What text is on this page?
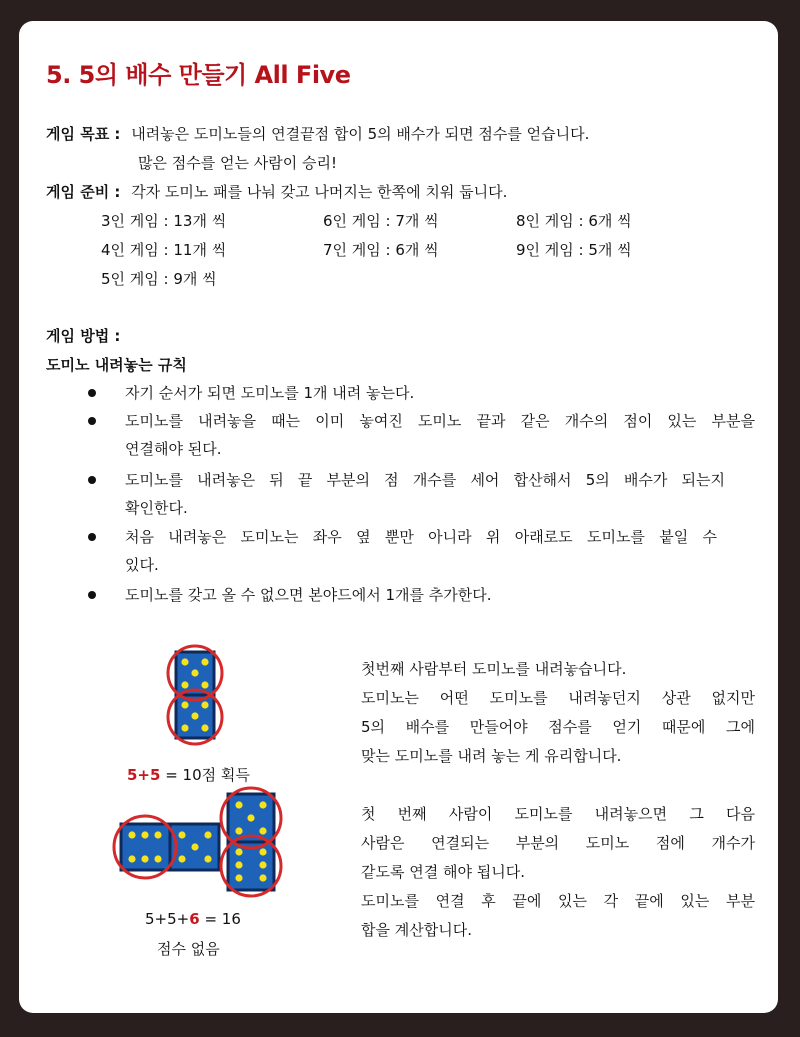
5. 5의 배수 만들기 All Five
게임 목표 : 내려놓은 도미노들의 연결끝점 합이 5의 배수가 되면 점수를 얻습니다.
많은 점수를 얻는 사람이 승리!
게임 준비 : 각자 도미노 패를 나눠 갖고 나머지는 한쪽에 치워 둡니다.
3인 게임 : 13개 씩	6인 게임 : 7개 씩	8인 게임 : 6개 씩
4인 게임 : 11개 씩	7인 게임 : 6개 씩	9인 게임 : 5개 씩
5인 게임 : 9개 씩
게임 방법 :
도미노 내려놓는 규칙
자기 순서가 되면 도미노를 1개 내려 놓는다.
도미노를 내려놓을 때는 이미 놓여진 도미노 끝과 같은 개수의 점이 있는 부분을
연결해야 된다.
도미노를 내려놓은 뒤 끝 부분의 점 개수를 세어 합산해서 5의 배수가 되는지
확인한다.
처음 내려놓은 도미노는 좌우 옆 뿐만 아니라 위 아래로도 도미노를 붙일 수
있다.
도미노를 갖고 올 수 없으면 본야드에서 1개를 추가한다.
5+5 = 10점 획득
5+5+6 = 16
점수 없음
첫번째 사람부터 도미노를 내려놓습니다.
도미노는 어떤 도미노를 내려놓던지 상관 없지만
5의 배수를 만들어야 점수를 얻기 때문에 그에
맞는 도미노를 내려 놓는 게 유리합니다.
첫 번째 사람이 도미노를 내려놓으면 그 다음
사람은 연결되는 부분의 도미노 점에 개수가
같도록 연결 해야 됩니다.
도미노를 연결 후 끝에 있는 각 끝에 있는 부분
합을 계산합니다.
